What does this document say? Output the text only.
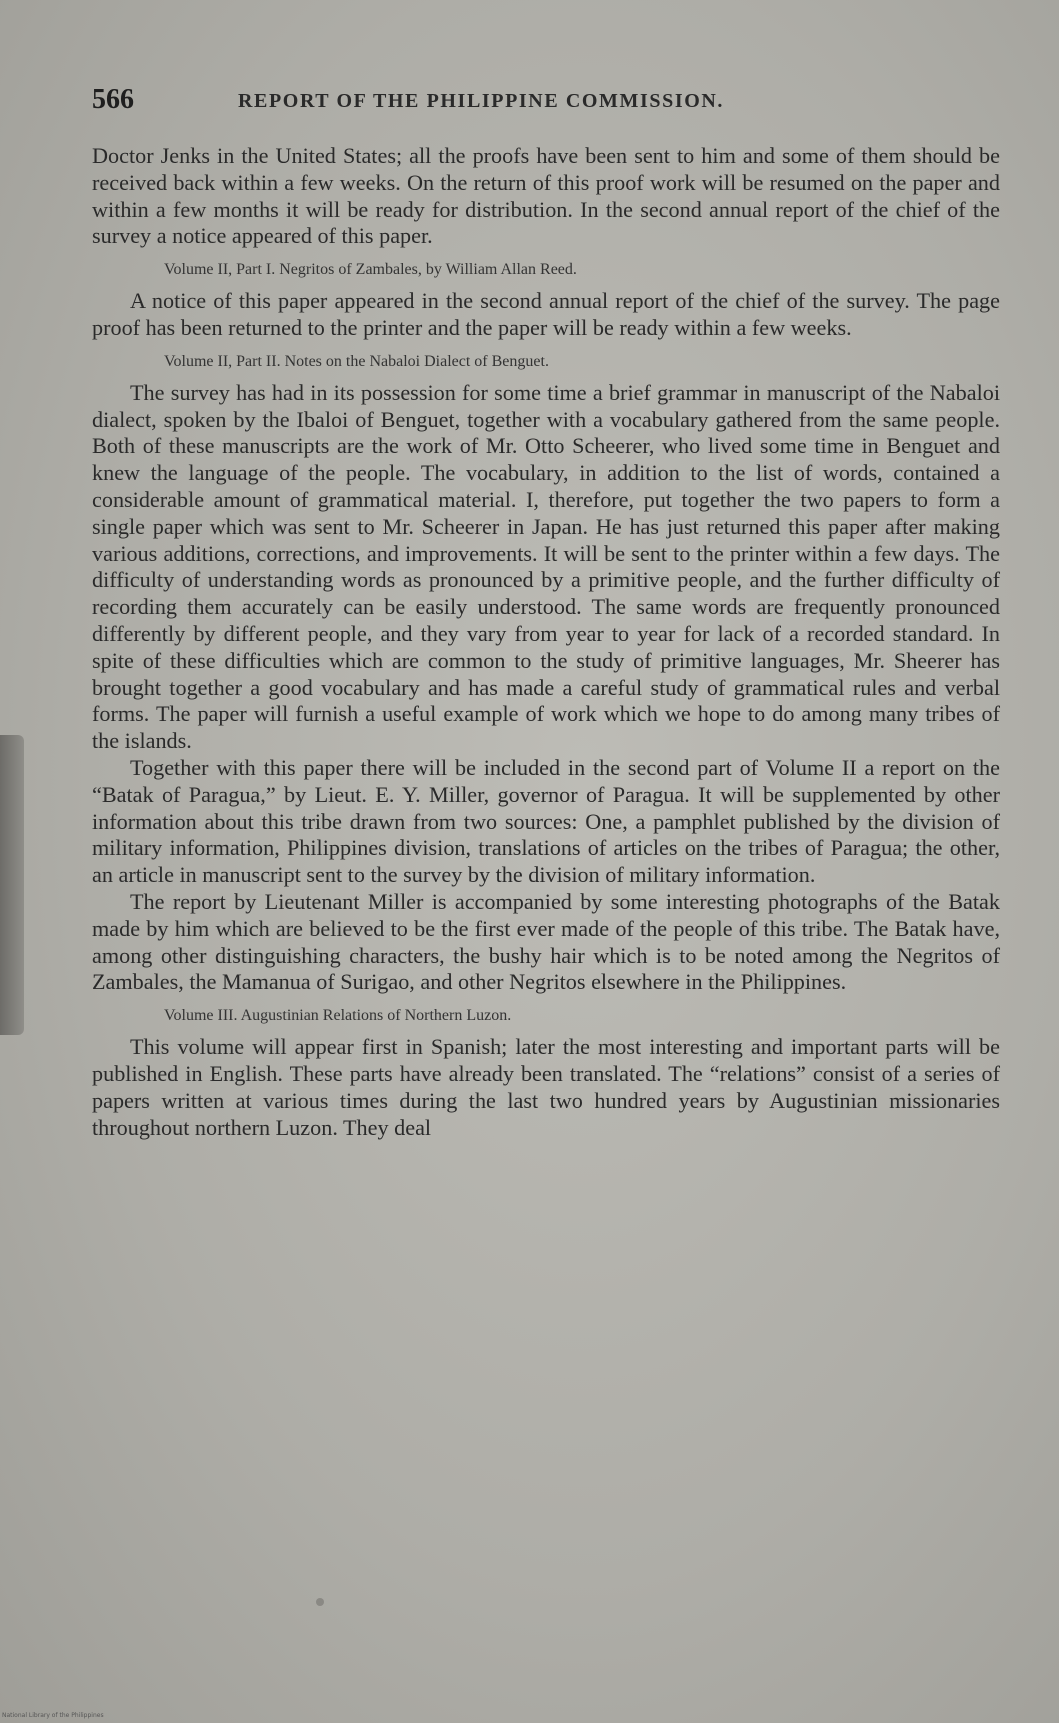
566	REPORT OF THE PHILIPPINE COMMISSION.

Doctor Jenks in the United States; all the proofs have been sent to him and some of them should be received back within a few weeks. On the return of this proof work will be resumed on the paper and within a few months it will be ready for distribution. In the second annual report of the chief of the survey a notice appeared of this paper.

Volume II, Part I. Negritos of Zambales, by William Allan Reed.

A notice of this paper appeared in the second annual report of the chief of the survey. The page proof has been returned to the printer and the paper will be ready within a few weeks.

Volume II, Part II. Notes on the Nabaloi Dialect of Benguet.

The survey has had in its possession for some time a brief grammar in manuscript of the Nabaloi dialect, spoken by the Ibaloi of Benguet, together with a vocabulary gathered from the same people. Both of these manuscripts are the work of Mr. Otto Scheerer, who lived some time in Benguet and knew the language of the people. The vocabulary, in addition to the list of words, contained a considerable amount of grammatical material. I, therefore, put together the two papers to form a single paper which was sent to Mr. Scheerer in Japan. He has just returned this paper after making various additions, corrections, and improvements. It will be sent to the printer within a few days. The difficulty of understanding words as pronounced by a primitive people, and the further difficulty of recording them accurately can be easily understood. The same words are frequently pronounced differently by different people, and they vary from year to year for lack of a recorded standard. In spite of these difficulties which are common to the study of primitive languages, Mr. Sheerer has brought together a good vocabulary and has made a careful study of grammatical rules and verbal forms. The paper will furnish a useful example of work which we hope to do among many tribes of the islands.

Together with this paper there will be included in the second part of Volume II a report on the “Batak of Paragua,” by Lieut. E. Y. Miller, governor of Paragua. It will be supplemented by other information about this tribe drawn from two sources: One, a pamphlet published by the division of military information, Philippines division, translations of articles on the tribes of Paragua; the other, an article in manuscript sent to the survey by the division of military information.

The report by Lieutenant Miller is accompanied by some interesting photographs of the Batak made by him which are believed to be the first ever made of the people of this tribe. The Batak have, among other distinguishing characters, the bushy hair which is to be noted among the Negritos of Zambales, the Mamanua of Surigao, and other Negritos elsewhere in the Philippines.

Volume III. Augustinian Relations of Northern Luzon.

This volume will appear first in Spanish; later the most interesting and important parts will be published in English. These parts have already been translated. The “relations” consist of a series of papers written at various times during the last two hundred years by Augustinian missionaries throughout northern Luzon. They deal

National Library of the Philippines
